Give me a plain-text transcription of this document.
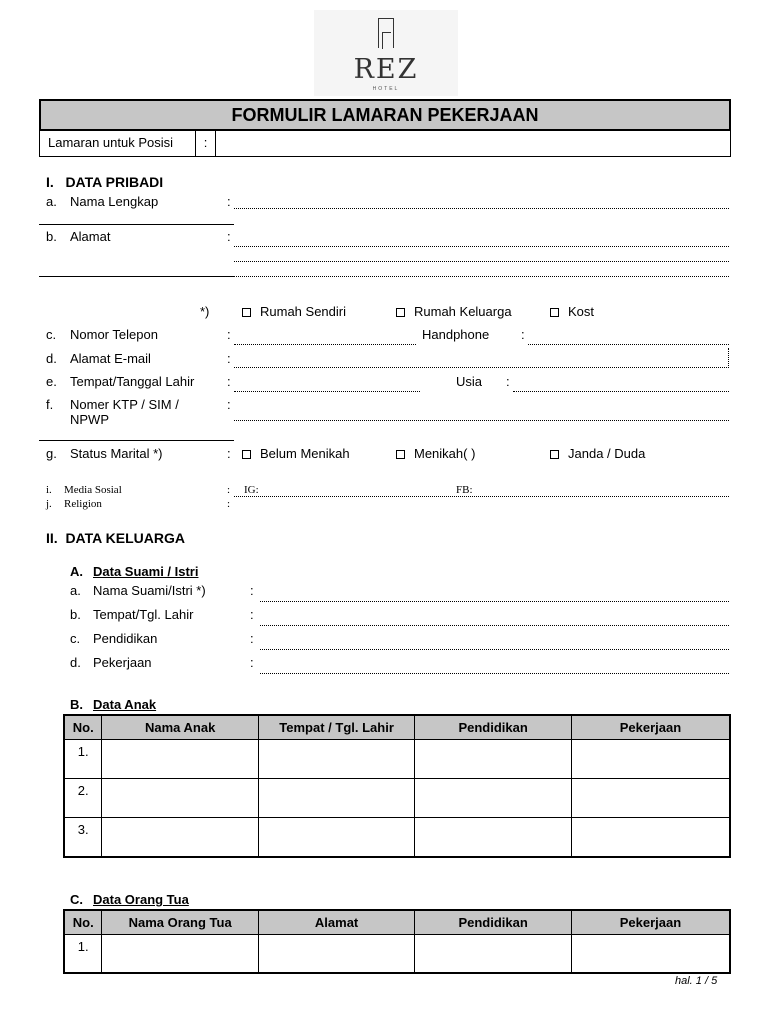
REZ
HOTEL
FORMULIR LAMARAN PEKERJAAN
Lamaran untuk Posisi	:
I.   DATA PRIBADI
a. Nama Lengkap	:
b. Alamat	:
*)	Rumah Sendiri	Rumah Keluarga	Kost
c. Nomor Telepon	:	Handphone :
d. Alamat E-mail	:
e. Tempat/Tanggal Lahir	:	Usia :
f. Nomer KTP / SIM /
NPWP
:
g. Status Marital *)	:	Belum Menikah	Menikah( )	Janda / Duda
i. Media Sosial	: IG:	FB:
j. Religion	:
II.  DATA KELUARGA
A. Data Suami / Istri
a. Nama Suami/Istri *)	:
b. Tempat/Tgl. Lahir	:
c. Pendidikan	:
d. Pekerjaan	:
B. Data Anak
No.	Nama Anak	Tempat / Tgl. Lahir	Pendidikan	Pekerjaan
1.				
2.				
3.				
C. Data Orang Tua
No.	Nama Orang Tua	Alamat	Pendidikan	Pekerjaan
1.				
hal. 1 / 5
